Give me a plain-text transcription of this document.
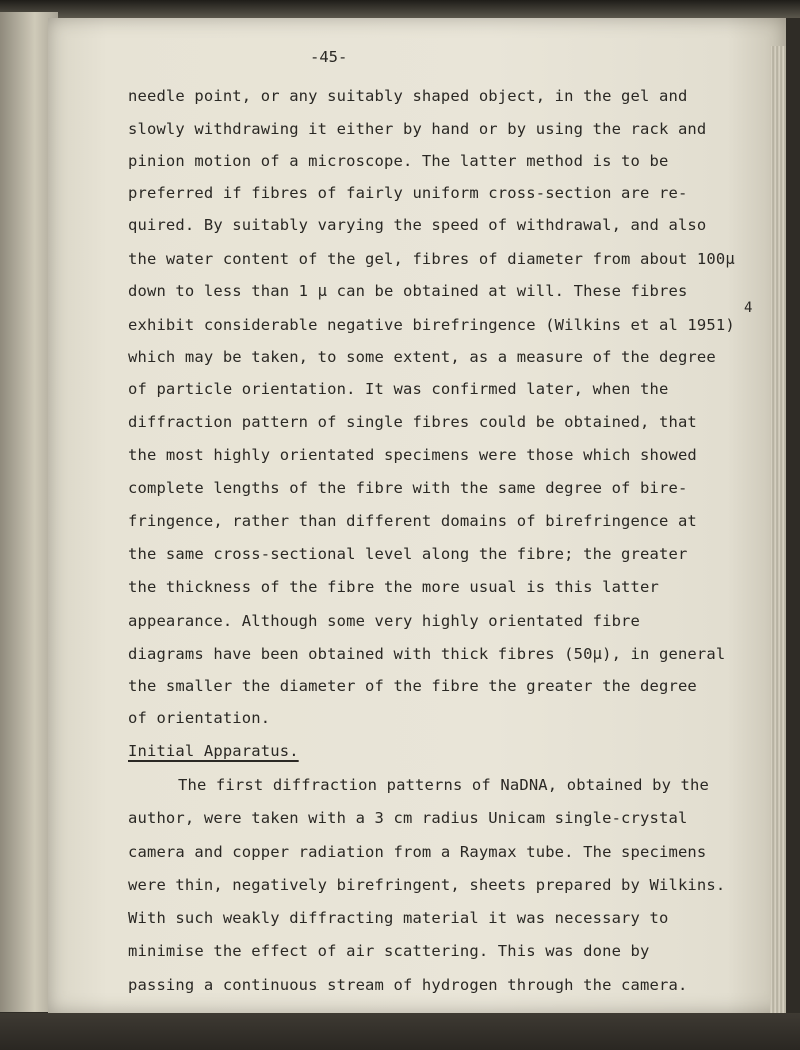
-45-
needle point, or any suitably shaped object, in the gel and
slowly withdrawing it either by hand or by using the rack and
pinion motion of a microscope. The latter method is to be
preferred if fibres of fairly uniform cross-section are re-
quired. By suitably varying the speed of withdrawal, and also
the water content of the gel, fibres of diameter from about 100μ
down to less than 1 μ can be obtained at will. These fibres
exhibit considerable negative birefringence (Wilkins et al 1951)
which may be taken, to some extent, as a measure of the degree
of particle orientation. It was confirmed later, when the
diffraction pattern of single fibres could be obtained, that
the most highly orientated specimens were those which showed
complete lengths of the fibre with the same degree of bire-
fringence, rather than different domains of birefringence at
the same cross-sectional level along the fibre; the greater
the thickness of the fibre the more usual is this latter
appearance. Although some very highly orientated fibre
diagrams have been obtained with thick fibres (50μ), in general
the smaller the diameter of the fibre the greater the degree
of orientation.
Initial Apparatus.
The first diffraction patterns of NaDNA, obtained by the
author, were taken with a 3 cm radius Unicam single-crystal
camera and copper radiation from a Raymax tube. The specimens
were thin, negatively birefringent, sheets prepared by Wilkins.
With such weakly diffracting material it was necessary to
minimise the effect of air scattering. This was done by
passing a continuous stream of hydrogen through the camera.
4
